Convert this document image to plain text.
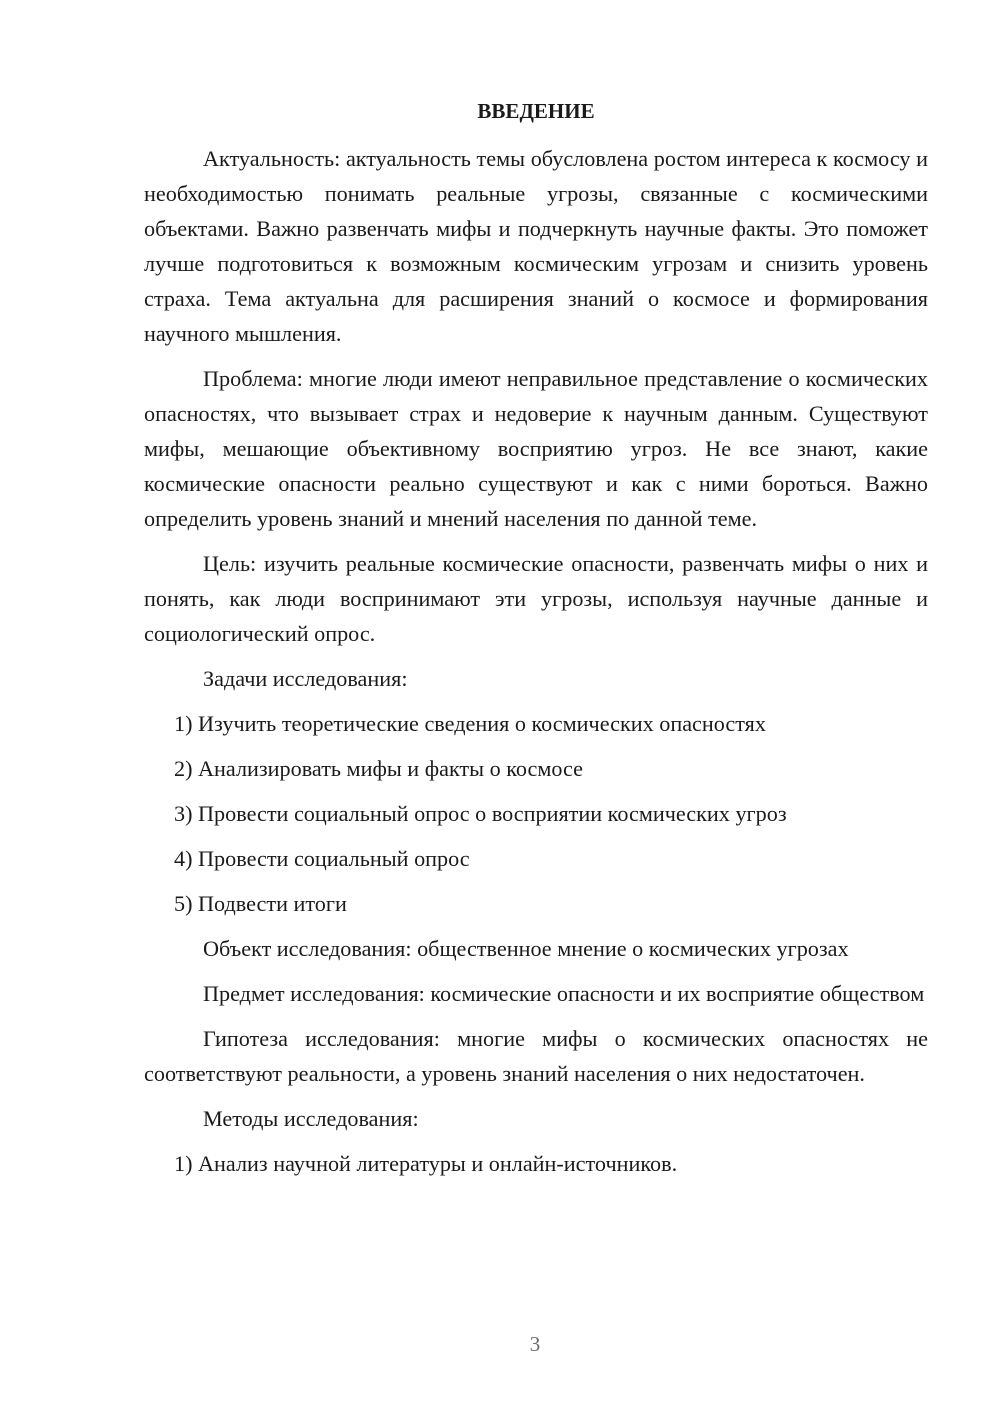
ВВЕДЕНИЕ

Актуальность: актуальность темы обусловлена ростом интереса к космосу и необходимостью понимать реальные угрозы, связанные с космическими объектами. Важно развенчать мифы и подчеркнуть научные факты. Это поможет лучше подготовиться к возможным космическим угрозам и снизить уровень страха. Тема актуальна для расширения знаний о космосе и формирования научного мышления.

Проблема: многие люди имеют неправильное представление о космических опасностях, что вызывает страх и недоверие к научным данным. Существуют мифы, мешающие объективному восприятию угроз. Не все знают, какие космические опасности реально существуют и как с ними бороться. Важно определить уровень знаний и мнений населения по данной теме.

Цель: изучить реальные космические опасности, развенчать мифы о них и понять, как люди воспринимают эти угрозы, используя научные данные и социологический опрос.

Задачи исследования:

1) Изучить теоретические сведения о космических опасностях

2) Анализировать мифы и факты о космосе

3) Провести социальный опрос о восприятии космических угроз

4) Провести социальный опрос

5) Подвести итоги

Объект исследования: общественное мнение о космических угрозах

Предмет исследования: космические опасности и их восприятие обществом

Гипотеза исследования: многие мифы о космических опасностях не соответствуют реальности, а уровень знаний населения о них недостаточен.

Методы исследования:

1) Анализ научной литературы и онлайн-источников.

3
